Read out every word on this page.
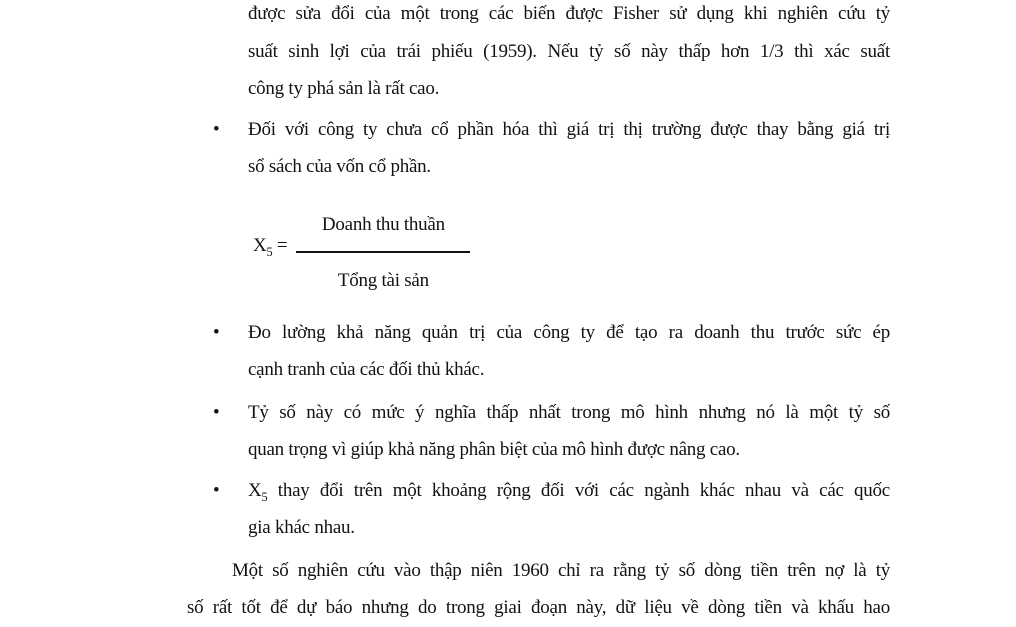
được sửa đổi của một trong các biến được Fisher sử dụng khi nghiên cứu tỷ
suất sinh lợi của trái phiếu (1959). Nếu tỷ số này thấp hơn 1/3 thì xác suất
công ty phá sản là rất cao.
• Đối với công ty chưa cổ phần hóa thì giá trị thị trường được thay bằng giá trị
sổ sách của vốn cổ phần.
$X_5 = \frac{\text{Doanh thu thuần}}{\text{Tổng tài sản}}$
• Đo lường khả năng quản trị của công ty để tạo ra doanh thu trước sức ép
cạnh tranh của các đối thủ khác.
• Tỷ số này có mức ý nghĩa thấp nhất trong mô hình nhưng nó là một tỷ số
quan trọng vì giúp khả năng phân biệt của mô hình được nâng cao.
• $X_5$ thay đổi trên một khoảng rộng đối với các ngành khác nhau và các quốc
gia khác nhau.
Một số nghiên cứu vào thập niên 1960 chỉ ra rằng tỷ số dòng tiền trên nợ là tỷ
số rất tốt để dự báo nhưng do trong giai đoạn này, dữ liệu về dòng tiền và khấu hao
